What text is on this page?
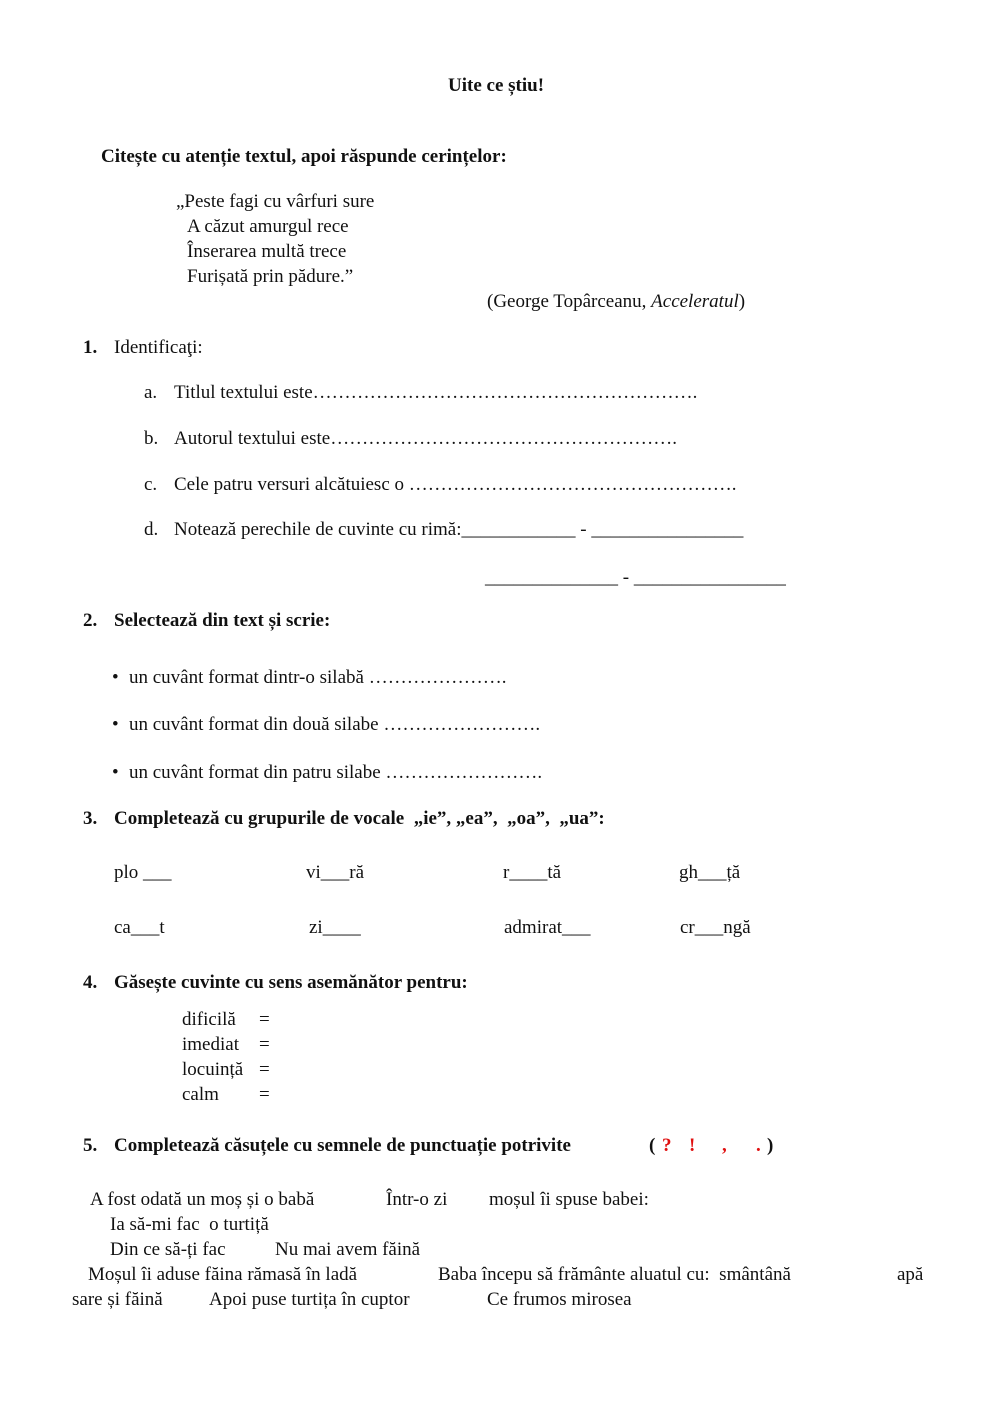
Uite ce știu!
Citește cu atenție textul, apoi răspunde cerințelor:
„Peste fagi cu vârfuri sure
A căzut amurgul rece
Înserarea multă trece
Furișată prin pădure.”
(George Topârceanu, Acceleratul)
1. Identificaţi:
a. Titlul textului este…………………………………………………….
b. Autorul textului este……………………………………………….
c. Cele patru versuri alcătuiesc o …………………………………………….
d. Notează perechile de cuvinte cu rimă:____________ - ________________
______________ - ________________
2. Selectează din text și scrie:
• un cuvânt format dintr-o silabă ………………….
• un cuvânt format din două silabe …………………….
• un cuvânt format din patru silabe …………………….
3. Completează cu grupurile de vocale  „ie”, „ea”,  „oa”,  „ua”:
plo ___	vi___ră	r____tă	gh___ță
ca___t	zi____	admirat___	cr___ngă
4. Găsește cuvinte cu sens asemănător pentru:
dificilă =
imediat =
locuință =
calm =
5. Completează căsuțele cu semnele de punctuație potrivite	( ? ! , . )
A fost odată un moș și o babă	Într-o zi moșul îi spuse babei:
Ia să-mi fac  o turtiță
Din ce să-ți fac	Nu mai avem făină
Moșul îi aduse făina rămasă în ladă	Baba începu să frământe aluatul cu:  smântână	apă
sare și făină Apoi puse turtița în cuptor	Ce frumos mirosea
